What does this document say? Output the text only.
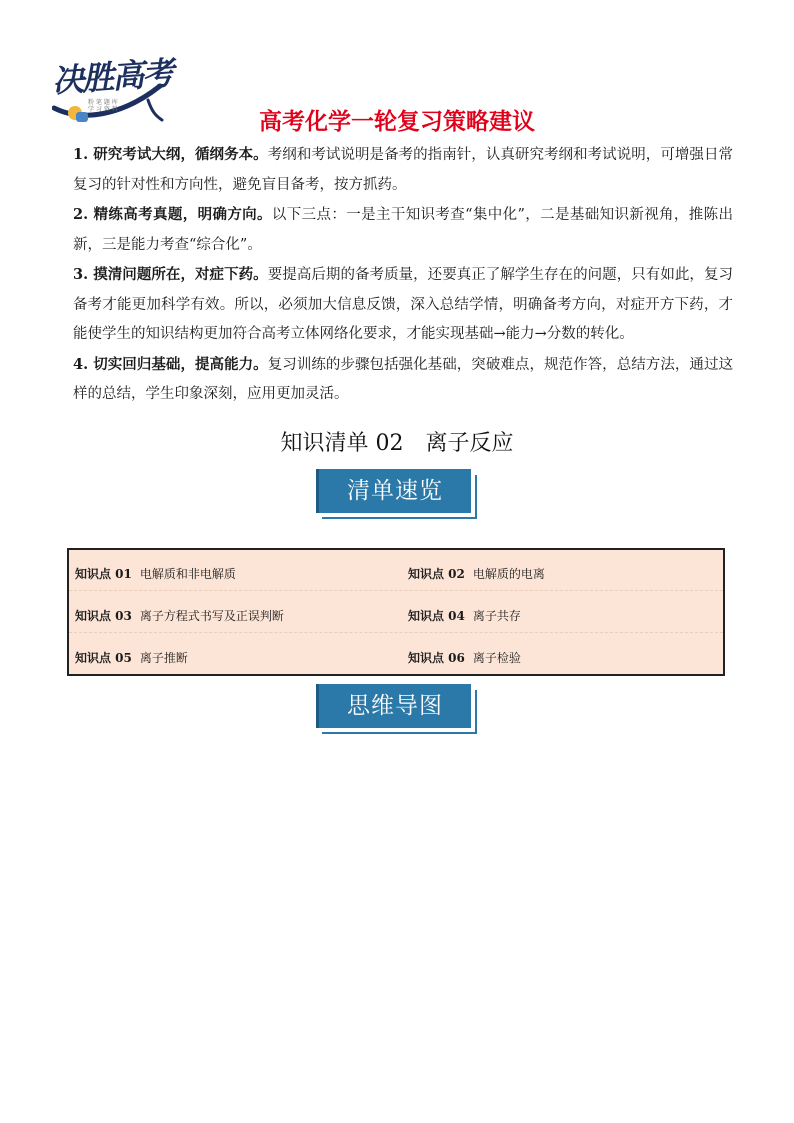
决胜高考
粉 笔 题 库
学 习 资 料	高考化学一轮复习策略建议

1. 研究考试大纲，循纲务本。考纲和考试说明是备考的指南针，认真研究考纲和考试说明，可增强日常复习的针对性和方向性，避免盲目备考，按方抓药。

2. 精练高考真题，明确方向。以下三点：一是主干知识考查“集中化”，二是基础知识新视角，推陈出新，三是能力考查“综合化”。

3. 摸清问题所在，对症下药。要提高后期的备考质量，还要真正了解学生存在的问题，只有如此，复习备考才能更加科学有效。所以，必须加大信息反馈，深入总结学情，明确备考方向，对症开方下药，才能使学生的知识结构更加符合高考立体网络化要求，才能实现基础→能力→分数的转化。

4. 切实回归基础，提高能力。复习训练的步骤包括强化基础，突破难点，规范作答，总结方法，通过这样的总结，学生印象深刻，应用更加灵活。

知识清单 02　离子反应
清单速览
知识点 01 电解质和非电解质	知识点 02 电解质的电离
知识点 03 离子方程式书写及正误判断	知识点 04 离子共存
知识点 05 离子推断	知识点 06 离子检验
思维导图
